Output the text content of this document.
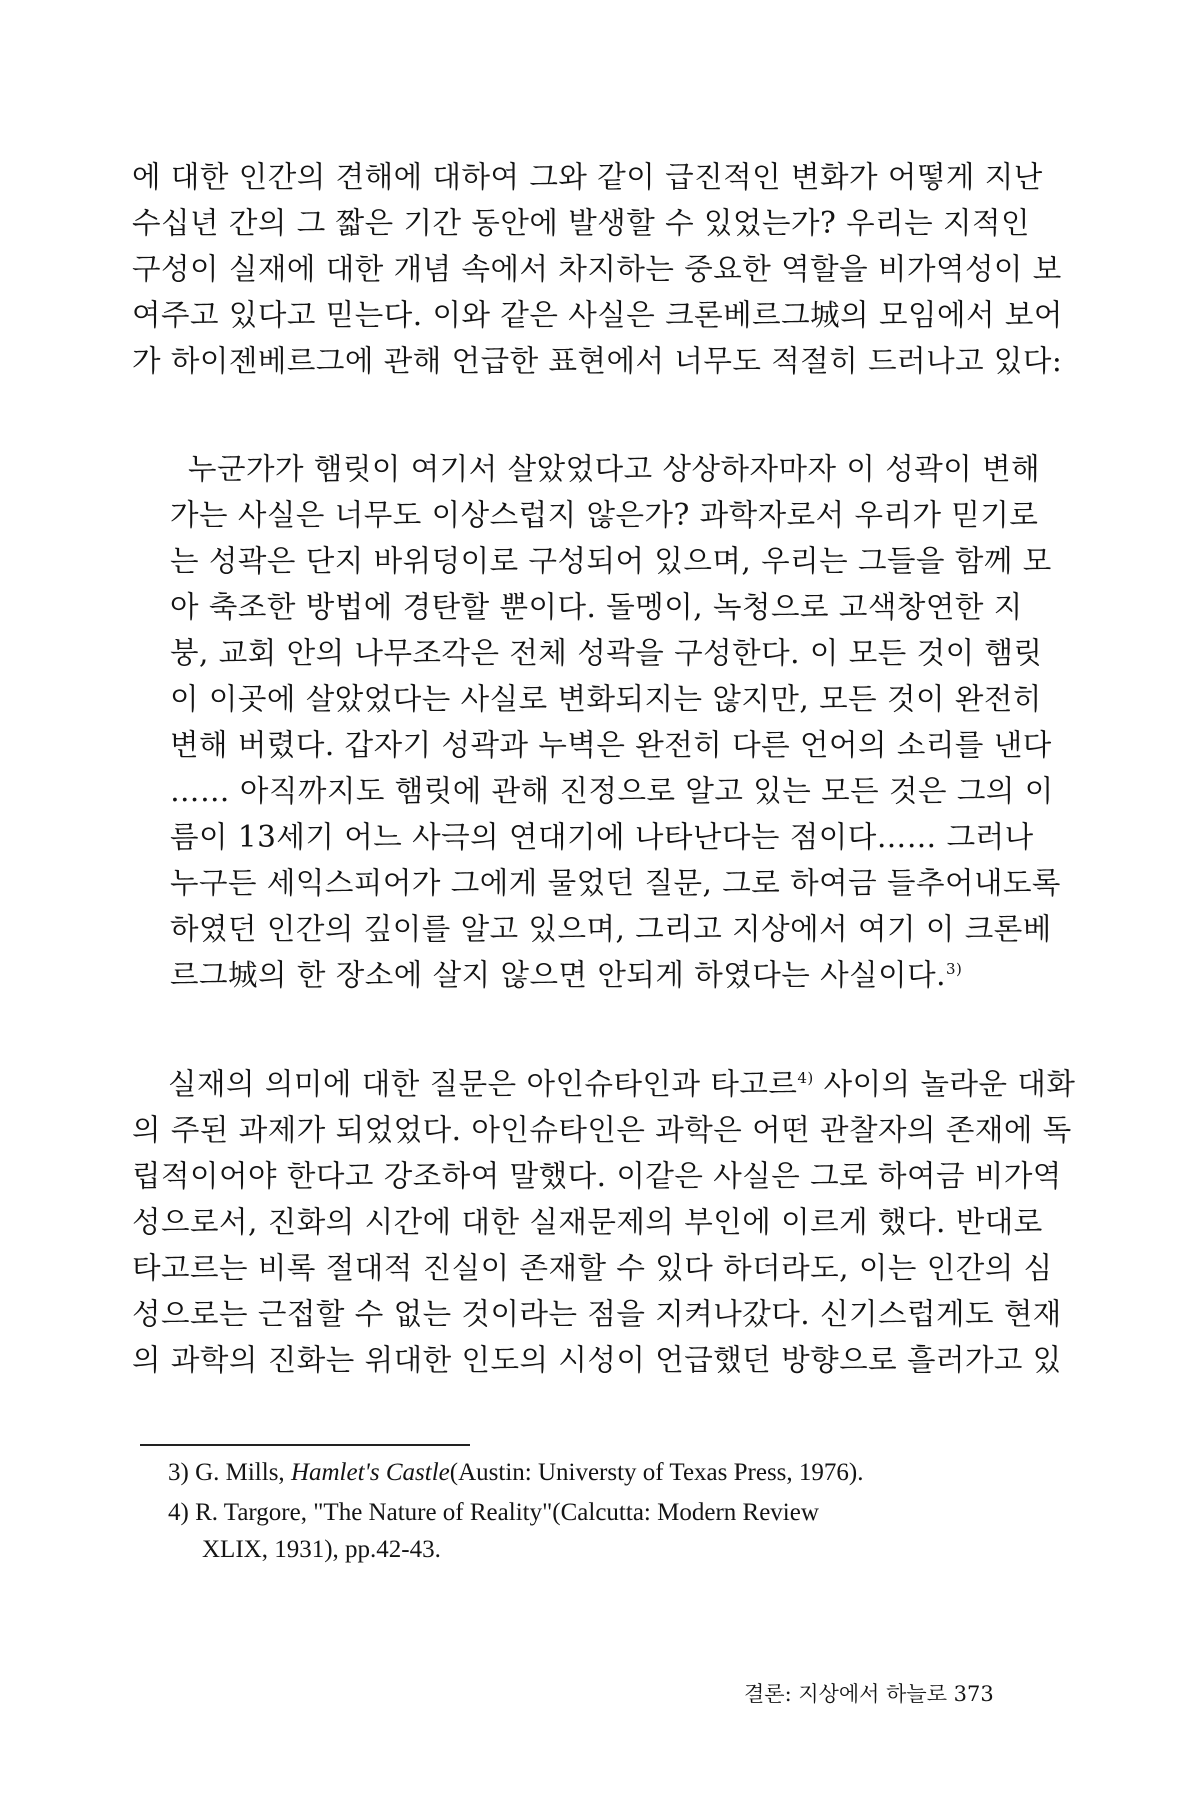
에 대한 인간의 견해에 대하여 그와 같이 급진적인 변화가 어떻게 지난
수십년 간의 그 짧은 기간 동안에 발생할 수 있었는가? 우리는 지적인
구성이 실재에 대한 개념 속에서 차지하는 중요한 역할을 비가역성이 보
여주고 있다고 믿는다. 이와 같은 사실은 크론베르그城의 모임에서 보어
가 하이젠베르그에 관해 언급한 표현에서 너무도 적절히 드러나고 있다:
누군가가 햄릿이 여기서 살았었다고 상상하자마자 이 성곽이 변해
가는 사실은 너무도 이상스럽지 않은가? 과학자로서 우리가 믿기로
는 성곽은 단지 바위덩이로 구성되어 있으며, 우리는 그들을 함께 모
아 축조한 방법에 경탄할 뿐이다. 돌멩이, 녹청으로 고색창연한 지
붕, 교회 안의 나무조각은 전체 성곽을 구성한다. 이 모든 것이 햄릿
이 이곳에 살았었다는 사실로 변화되지는 않지만, 모든 것이 완전히
변해 버렸다. 갑자기 성곽과 누벽은 완전히 다른 언어의 소리를 낸다
…… 아직까지도 햄릿에 관해 진정으로 알고 있는 모든 것은 그의 이
름이 13세기 어느 사극의 연대기에 나타난다는 점이다…… 그러나
누구든 세익스피어가 그에게 물었던 질문, 그로 하여금 들추어내도록
하였던 인간의 깊이를 알고 있으며, 그리고 지상에서 여기 이 크론베
르그城의 한 장소에 살지 않으면 안되게 하였다는 사실이다.$^{3)}$
실재의 의미에 대한 질문은 아인슈타인과 타고르$^{4)}$ 사이의 놀라운 대화
의 주된 과제가 되었었다. 아인슈타인은 과학은 어떤 관찰자의 존재에 독
립적이어야 한다고 강조하여 말했다. 이같은 사실은 그로 하여금 비가역
성으로서, 진화의 시간에 대한 실재문제의 부인에 이르게 했다. 반대로
타고르는 비록 절대적 진실이 존재할 수 있다 하더라도, 이는 인간의 심
성으로는 근접할 수 없는 것이라는 점을 지켜나갔다. 신기스럽게도 현재
의 과학의 진화는 위대한 인도의 시성이 언급했던 방향으로 흘러가고 있
3) G. Mills, Hamlet's Castle(Austin: Universty of Texas Press, 1976).
4) R. Targore, "The Nature of Reality"(Calcutta: Modern Review
XLIX, 1931), pp.42-43.
결론: 지상에서 하늘로 373
